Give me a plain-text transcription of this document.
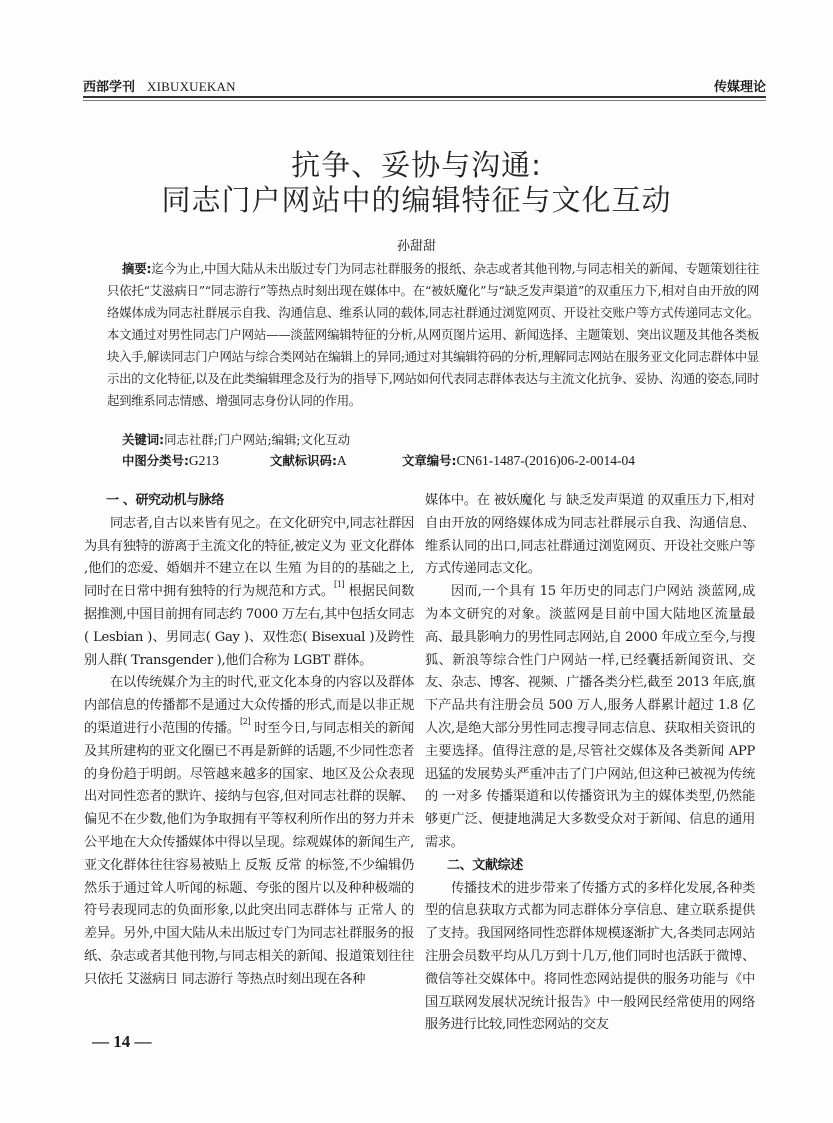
西部学刊 XIBUXUEKAN	传媒理论
抗争、妥协与沟通:
同志门户网站中的编辑特征与文化互动
孙甜甜
摘要:迄今为止,中国大陆从未出版过专门为同志社群服务的报纸、杂志或者其他刊物,与同志相关的新闻、专题策划往往只依托“艾滋病日”“同志游行”等热点时刻出现在媒体中。在“被妖魔化”与“缺乏发声渠道”的双重压力下,相对自由开放的网络媒体成为同志社群展示自我、沟通信息、维系认同的载体,同志社群通过浏览网页、开设社交账户等方式传递同志文化。本文通过对男性同志门户网站——淡蓝网编辑特征的分析,从网页图片运用、新闻选择、主题策划、突出议题及其他各类板块入手,解读同志门户网站与综合类网站在编辑上的异同;通过对其编辑符码的分析,理解同志网站在服务亚文化同志群体中显示出的文化特征,以及在此类编辑理念及行为的指导下,网站如何代表同志群体表达与主流文化抗争、妥协、沟通的姿态,同时起到维系同志情感、增强同志身份认同的作用。
关键词:同志社群;门户网站;编辑;文化互动
中图分类号:G213	文献标识码:A	文章编号:CN61-1487-(2016)06-2-0014-04
一 、研究动机与脉络

同志者,自古以来皆有见之。在文化研究中,同志社群因为具有独特的游离于主流文化的特征,被定义为 亚文化群体 ,他们的恋爱、婚姻并不建立在以 生殖 为目的的基础之上,同时在日常中拥有独特的行为规范和方式。[1] 根据民间数据推测,中国目前拥有同志约 7000 万左右,其中包括女同志( Lesbian )、男同志( Gay )、双性恋( Bisexual )及跨性别人群( Transgender ),他们合称为 LGBT 群体。

在以传统媒介为主的时代,亚文化本身的内容以及群体内部信息的传播都不是通过大众传播的形式,而是以非正规的渠道进行小范围的传播。[2] 时至今日,与同志相关的新闻及其所建构的亚文化圈已不再是新鲜的话题,不少同性恋者的身份趋于明朗。尽管越来越多的国家、地区及公众表现出对同性恋者的默许、接纳与包容,但对同志社群的误解、偏见不在少数,他们为争取拥有平等权利所作出的努力并未公平地在大众传播媒体中得以呈现。综观媒体的新闻生产,亚文化群体往往容易被贴上 反叛 反常 的标签,不少编辑仍然乐于通过耸人听闻的标题、夸张的图片以及种种极端的符号表现同志的负面形象,以此突出同志群体与 正常人 的差异。另外,中国大陆从未出版过专门为同志社群服务的报纸、杂志或者其他刊物,与同志相关的新闻、报道策划往往只依托 艾滋病日 同志游行 等热点时刻出现在各种

媒体中。在 被妖魔化 与 缺乏发声渠道 的双重压力下,相对自由开放的网络媒体成为同志社群展示自我、沟通信息、维系认同的出口,同志社群通过浏览网页、开设社交账户等方式传递同志文化。

因而,一个具有 15 年历史的同志门户网站 淡蓝网,成为本文研究的对象。淡蓝网是目前中国大陆地区流量最高、最具影响力的男性同志网站,自 2000 年成立至今,与搜狐、新浪等综合性门户网站一样,已经囊括新闻资讯、交友、杂志、博客、视频、广播各类分栏,截至 2013 年底,旗下产品共有注册会员 500 万人,服务人群累计超过 1.8 亿人次,是绝大部分男性同志搜寻同志信息、获取相关资讯的主要选择。值得注意的是,尽管社交媒体及各类新闻 APP 迅猛的发展势头严重冲击了门户网站,但这种已被视为传统的 一对多 传播渠道和以传播资讯为主的媒体类型,仍然能够更广泛、便捷地满足大多数受众对于新闻、信息的通用需求。

二、文献综述

传播技术的进步带来了传播方式的多样化发展,各种类型的信息获取方式都为同志群体分享信息、建立联系提供了支持。我国网络同性恋群体规模逐渐扩大,各类同志网站注册会员数平均从几万到十几万,他们同时也活跃于微博、微信等社交媒体中。将同性恋网站提供的服务功能与《中国互联网发展状况统计报告》中一般网民经常使用的网络服务进行比较,同性恋网站的交友

— 14 —
